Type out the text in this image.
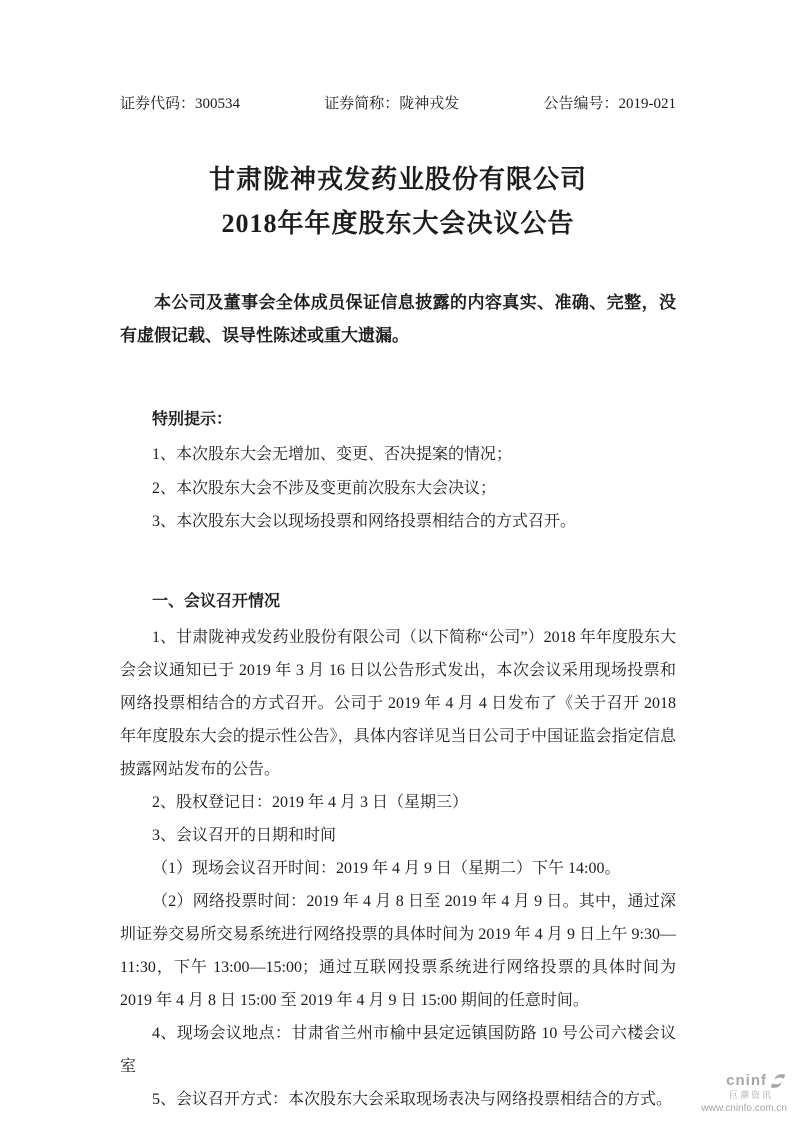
证券代码：300534	证券简称：陇神戎发	公告编号：2019-021
甘肃陇神戎发药业股份有限公司
2018年年度股东大会决议公告

本公司及董事会全体成员保证信息披露的内容真实、准确、完整，没有虚假记载、误导性陈述或重大遗漏。

特别提示：

1、本次股东大会无增加、变更、否决提案的情况；

2、本次股东大会不涉及变更前次股东大会决议；

3、本次股东大会以现场投票和网络投票相结合的方式召开。

一、会议召开情况

1、甘肃陇神戎发药业股份有限公司（以下简称“公司”）2018 年年度股东大会会议通知已于 2019 年 3 月 16 日以公告形式发出，本次会议采用现场投票和网络投票相结合的方式召开。公司于 2019 年 4 月 4 日发布了《关于召开 2018 年年度股东大会的提示性公告》，具体内容详见当日公司于中国证监会指定信息披露网站发布的公告。

2、股权登记日：2019 年 4 月 3 日（星期三）

3、会议召开的日期和时间

（1）现场会议召开时间：2019 年 4 月 9 日（星期二）下午 14:00。

（2）网络投票时间：2019 年 4 月 8 日至 2019 年 4 月 9 日。其中，通过深圳证券交易所交易系统进行网络投票的具体时间为 2019 年 4 月 9 日上午 9:30—11:30，下午 13:00—15:00；通过互联网投票系统进行网络投票的具体时间为 2019 年 4 月 8 日 15:00 至 2019 年 4 月 9 日 15:00 期间的任意时间。

4、现场会议地点：甘肃省兰州市榆中县定远镇国防路 10 号公司六楼会议室

5、会议召开方式：本次股东大会采取现场表决与网络投票相结合的方式。

cninf
巨潮资讯
www.cninfo.com.cn
